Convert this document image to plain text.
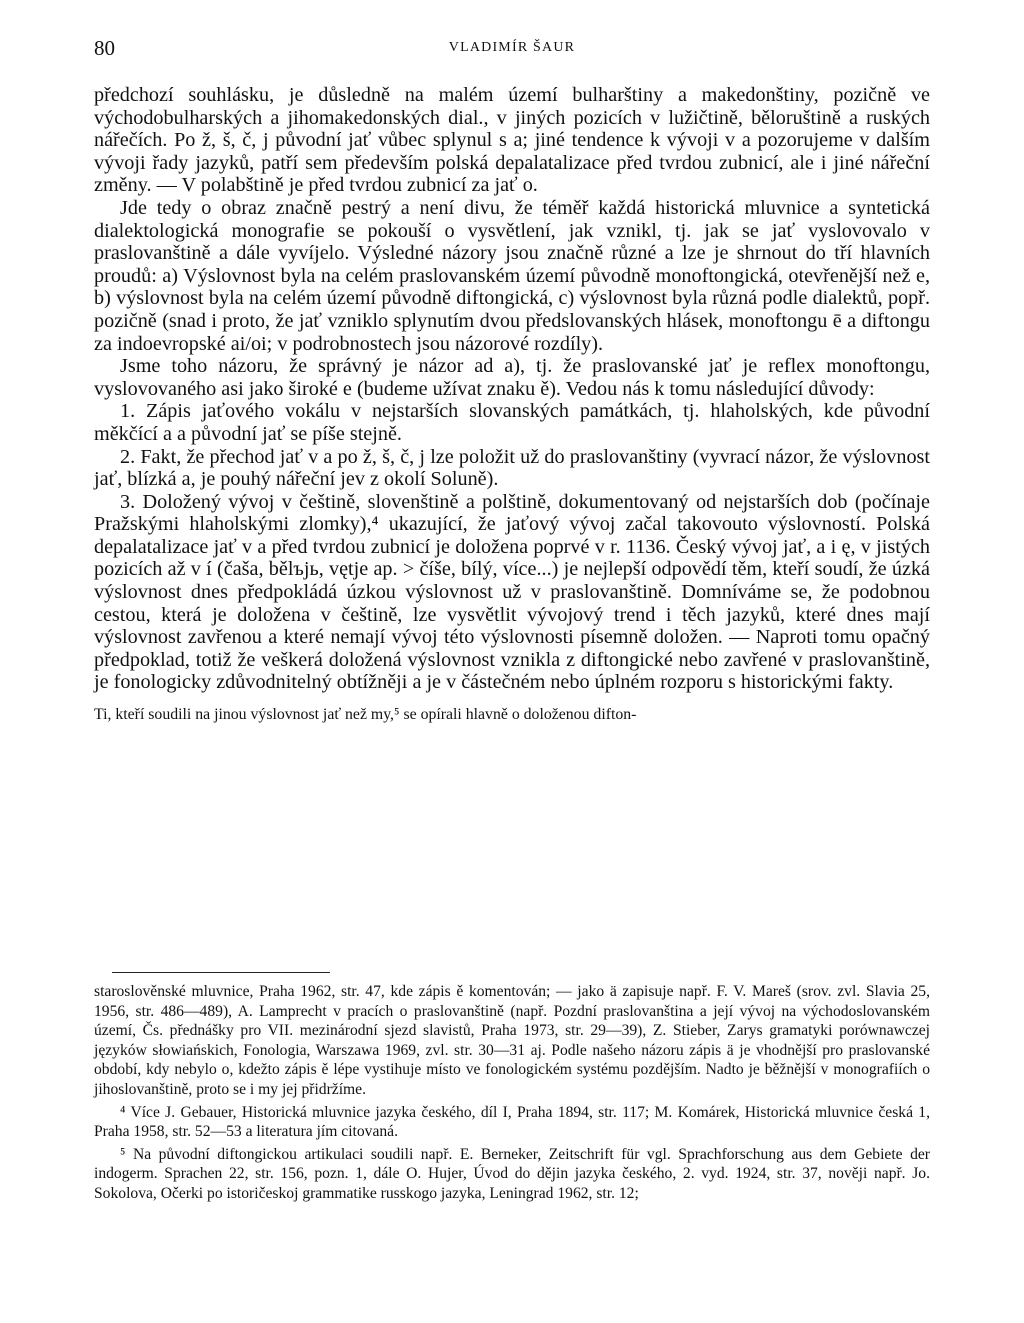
80	VLADIMÍR ŠAUR

předchozí souhlásku, je důsledně na malém území bulharštiny a makedonštiny, pozičně ve východobulharských a jihomakedonských dial., v jiných pozicích v lužičtině, běloruštině a ruských nářečích. Po ž, š, č, j původní jať vůbec splynul s a; jiné tendence k vývoji v a pozorujeme v dalším vývoji řady jazyků, patří sem především polská depalatalizace před tvrdou zubnicí, ale i jiné nářeční změny. — V polabštině je před tvrdou zubnicí za jať o.

Jde tedy o obraz značně pestrý a není divu, že téměř každá historická mluvnice a syntetická dialektologická monografie se pokouší o vysvětlení, jak vznikl, tj. jak se jať vyslovovalo v praslovanštině a dále vyvíjelo. Výsledné názory jsou značně různé a lze je shrnout do tří hlavních proudů: a) Výslovnost byla na celém praslovanském území původně monoftongická, otevřenější než e, b) výslovnost byla na celém území původně diftongická, c) výslovnost byla různá podle dialektů, popř. pozičně (snad i proto, že jať vzniklo splynutím dvou předslovanských hlásek, monoftongu ē a diftongu za indoevropské ai/oi; v podrobnostech jsou názorové rozdíly).

Jsme toho názoru, že správný je názor ad a), tj. že praslovanské jať je reflex monoftongu, vyslovovaného asi jako široké e (budeme užívat znaku ě). Vedou nás k tomu následující důvody:

1. Zápis jaťového vokálu v nejstarších slovanských památkách, tj. hlaholských, kde původní měkčící a a původní jať se píše stejně.

2. Fakt, že přechod jať v a po ž, š, č, j lze položit už do praslovanštiny (vyvrací názor, že výslovnost jať, blízká a, je pouhý nářeční jev z okolí Soluně).

3. Doložený vývoj v češtině, slovenštině a polštině, dokumentovaný od nejstarších dob (počínaje Pražskými hlaholskými zlomky),⁴ ukazující, že jaťový vývoj začal takovouto výslovností. Polská depalatalizace jať v a před tvrdou zubnicí je doložena poprvé v r. 1136. Český vývoj jať, a i ę, v jistých pozicích až v í (čaša, bělъjь, vętje ap. > číše, bílý, více...) je nejlepší odpovědí těm, kteří soudí, že úzká výslovnost dnes předpokládá úzkou výslovnost už v praslovanštině. Domníváme se, že podobnou cestou, která je doložena v češtině, lze vysvětlit vývojový trend i těch jazyků, které dnes mají výslovnost zavřenou a které nemají vývoj této výslovnosti písemně doložen. — Naproti tomu opačný předpoklad, totiž že veškerá doložená výslovnost vznikla z diftongické nebo zavřené v praslovanštině, je fonologicky zdůvodnitelný obtížněji a je v částečném nebo úplném rozporu s historickými fakty.

Ti, kteří soudili na jinou výslovnost jať než my,⁵ se opírali hlavně o doloženou difton-

staroslověnské mluvnice, Praha 1962, str. 47, kde zápis ě komentován; — jako ä zapisuje např. F. V. Mareš (srov. zvl. Slavia 25, 1956, str. 486—489), A. Lamprecht v pracích o praslovanštině (např. Pozdní praslovanština a její vývoj na východoslovanském území, Čs. přednášky pro VII. mezinárodní sjezd slavistů, Praha 1973, str. 29—39), Z. Stieber, Zarys gramatyki porównawczej języków słowiańskich, Fonologia, Warszawa 1969, zvl. str. 30—31 aj. Podle našeho názoru zápis ä je vhodnější pro praslovanské období, kdy nebylo o, kdežto zápis ě lépe vystihuje místo ve fonologickém systému pozdějším. Nadto je běžnější v monografiích o jihoslovanštině, proto se i my jej přidržíme.

⁴ Více J. Gebauer, Historická mluvnice jazyka českého, díl I, Praha 1894, str. 117; M. Komárek, Historická mluvnice česká 1, Praha 1958, str. 52—53 a literatura jím citovaná.

⁵ Na původní diftongickou artikulaci soudili např. E. Berneker, Zeitschrift für vgl. Sprachforschung aus dem Gebiete der indogerm. Sprachen 22, str. 156, pozn. 1, dále O. Hujer, Úvod do dějin jazyka českého, 2. vyd. 1924, str. 37, nověji např. Jo. Sokolova, Očerki po istoričeskoj grammatike russkogo jazyka, Leningrad 1962, str. 12;
